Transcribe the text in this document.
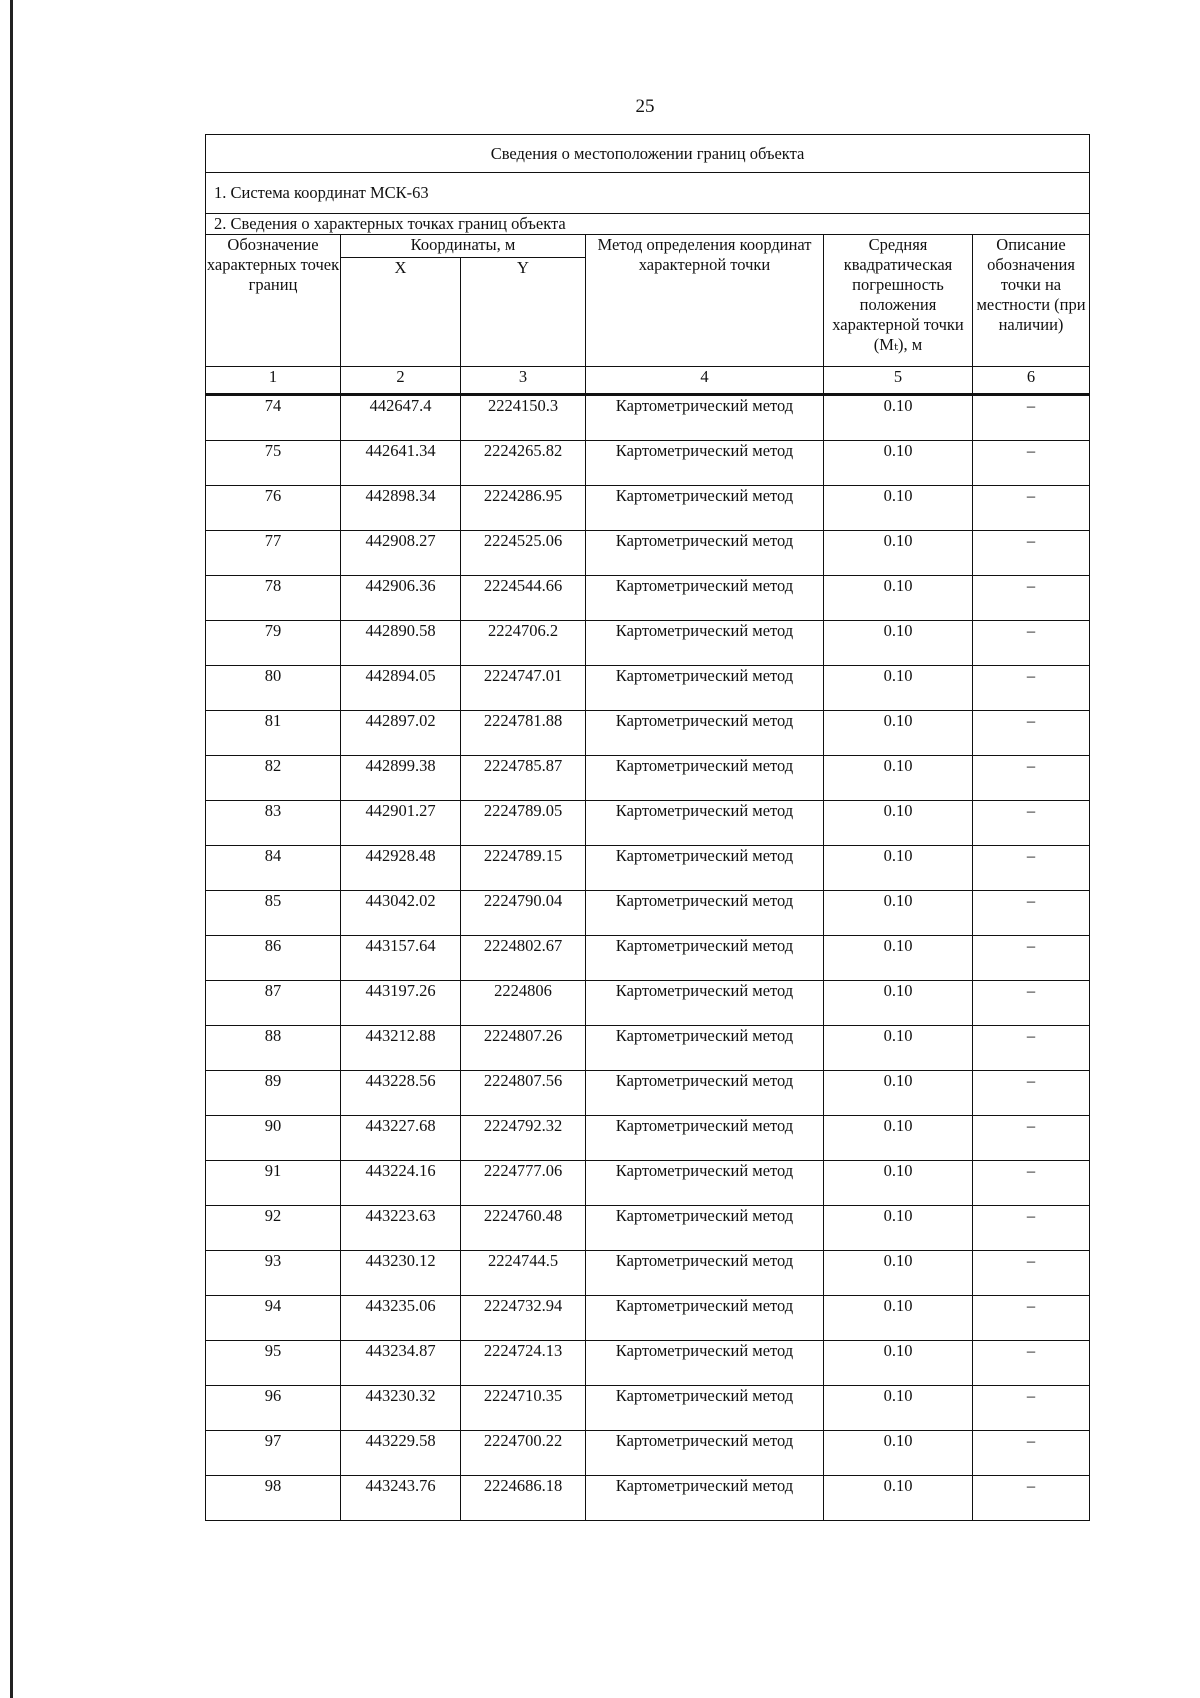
25
Сведения о местоположении границ объекта					
1. Система координат МСК-63					
2. Сведения о характерных точках границ объекта					
Обозначение характерных точек границ	Координаты, м		Метод определения координат характерной точки	Средняя квадратическая погрешность положения характерной точки (Mₜ), м	Описание обозначения точки на местности (при наличии)
	X	Y			
1	2	3	4	5	6
74	442647.4	2224150.3	Картометрический метод	0.10	–
75	442641.34	2224265.82	Картометрический метод	0.10	–
76	442898.34	2224286.95	Картометрический метод	0.10	–
77	442908.27	2224525.06	Картометрический метод	0.10	–
78	442906.36	2224544.66	Картометрический метод	0.10	–
79	442890.58	2224706.2	Картометрический метод	0.10	–
80	442894.05	2224747.01	Картометрический метод	0.10	–
81	442897.02	2224781.88	Картометрический метод	0.10	–
82	442899.38	2224785.87	Картометрический метод	0.10	–
83	442901.27	2224789.05	Картометрический метод	0.10	–
84	442928.48	2224789.15	Картометрический метод	0.10	–
85	443042.02	2224790.04	Картометрический метод	0.10	–
86	443157.64	2224802.67	Картометрический метод	0.10	–
87	443197.26	2224806	Картометрический метод	0.10	–
88	443212.88	2224807.26	Картометрический метод	0.10	–
89	443228.56	2224807.56	Картометрический метод	0.10	–
90	443227.68	2224792.32	Картометрический метод	0.10	–
91	443224.16	2224777.06	Картометрический метод	0.10	–
92	443223.63	2224760.48	Картометрический метод	0.10	–
93	443230.12	2224744.5	Картометрический метод	0.10	–
94	443235.06	2224732.94	Картометрический метод	0.10	–
95	443234.87	2224724.13	Картометрический метод	0.10	–
96	443230.32	2224710.35	Картометрический метод	0.10	–
97	443229.58	2224700.22	Картометрический метод	0.10	–
98	443243.76	2224686.18	Картометрический метод	0.10	–
